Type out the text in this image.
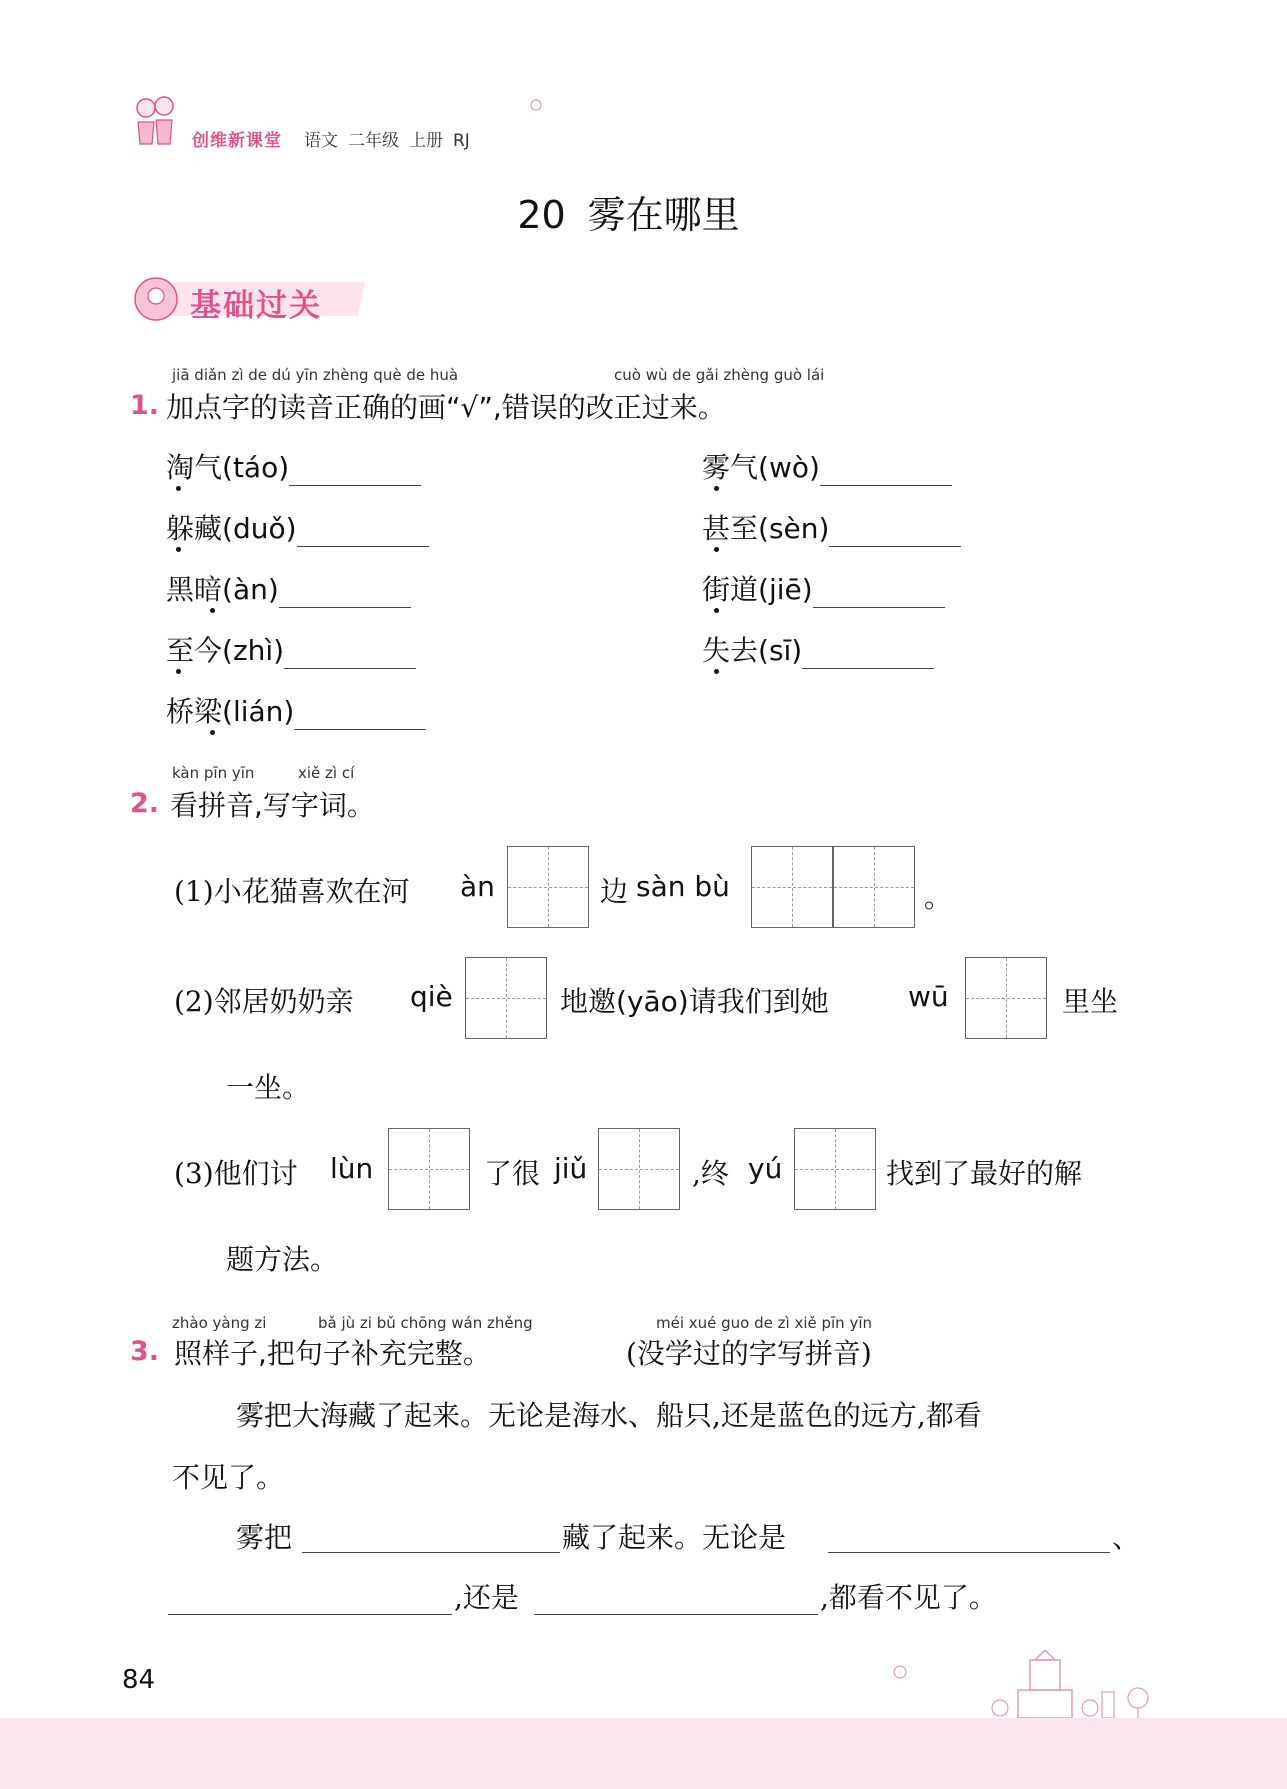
创维新课堂 语文 二年级 上册 RJ
20 雾在哪里
基础过关
jiā diǎn zì de dú yīn zhèng què de huà	cuò wù de gǎi zhèng guò lái
1. 加点字的读音正确的画“√”,错误的改正过来。
淘气(táo)	雾气(wò)
躲藏(duǒ)	甚至(sèn)
黑暗(àn)	街道(jiē)
至今(zhì)	失去(sī)
桥梁(lián)
kàn pīn yīn	xiě zì cí
2. 看拼音,写字词。
(1)小花猫喜欢在河 àn	边 sàn bù	。
(2)邻居奶奶亲 qiè	地邀(yāo)请我们到她	wū	里坐
一坐。
(3)他们讨 lùn	了很 jiǔ	,终 yú	找到了最好的解
题方法。
zhào yàng zi	bǎ jù zi bǔ chōng wán zhěng	méi xué guo de zì xiě pīn yīn
3. 照样子,把句子补充完整。	(没学过的字写拼音)
雾把大海藏了起来。无论是海水、船只,还是蓝色的远方,都看
不见了。
雾把	藏了起来。无论是	、
,还是	,都看不见了。
84
